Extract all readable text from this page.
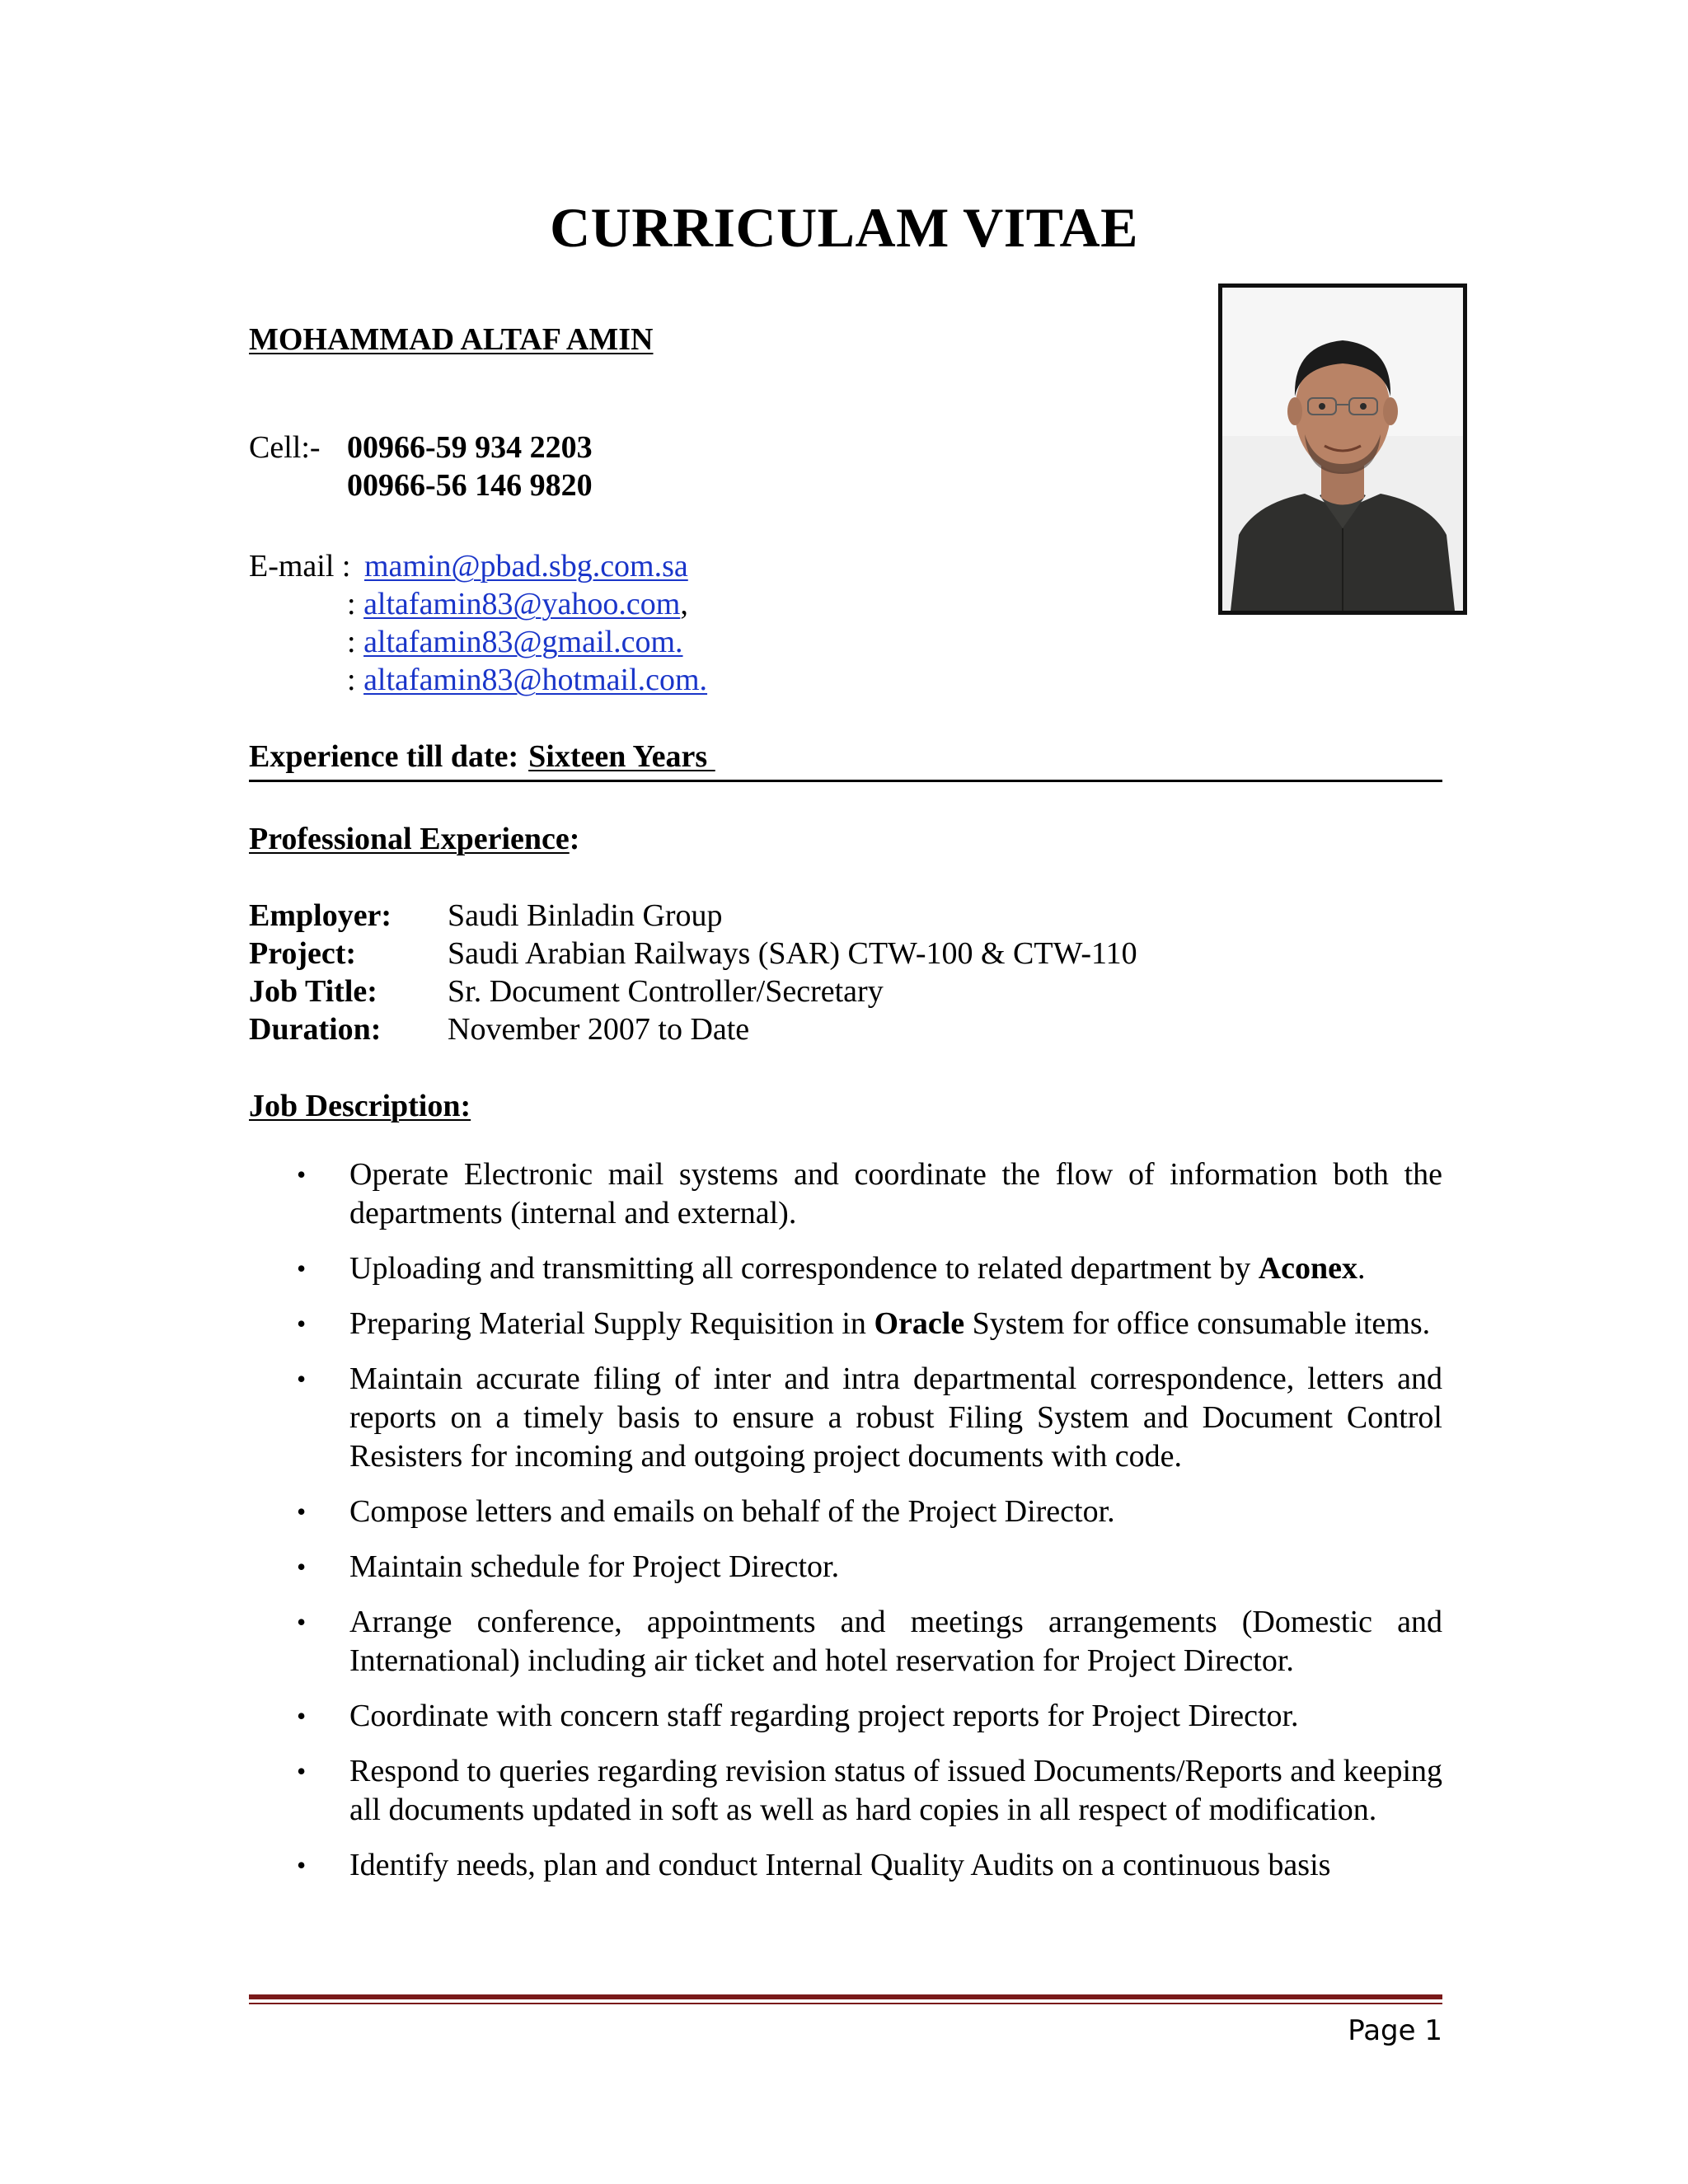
CURRICULAM VITAE
MOHAMMAD ALTAF AMIN
Cell:- 00966-59 934 2203
00966-56 146 9820
E-mail : mamin@pbad.sbg.com.sa
: altafamin83@yahoo.com,
: altafamin83@gmail.com.
: altafamin83@hotmail.com.
Experience till date: Sixteen Years
Professional Experience:
Employer: Saudi Binladin Group
Project:	Saudi Arabian Railways (SAR) CTW-100 & CTW-110
Job Title: Sr. Document Controller/Secretary
Duration: November 2007 to Date
Job Description:
• Operate Electronic mail systems and coordinate the flow of information both the departments (internal and external).
• Uploading and transmitting all correspondence to related department by Aconex.
• Preparing Material Supply Requisition in Oracle System for office consumable items.
• Maintain accurate filing of inter and intra departmental correspondence, letters and reports on a timely basis to ensure a robust Filing System and Document Control Resisters for incoming and outgoing project documents with code.
• Compose letters and emails on behalf of the Project Director.
• Maintain schedule for Project Director.
• Arrange conference, appointments and meetings arrangements (Domestic and International) including air ticket and hotel reservation for Project Director.
• Coordinate with concern staff regarding project reports for Project Director.
• Respond to queries regarding revision status of issued Documents/Reports and keeping all documents updated in soft as well as hard copies in all respect of modification.
• Identify needs, plan and conduct Internal Quality Audits on a continuous basis
Page 1
